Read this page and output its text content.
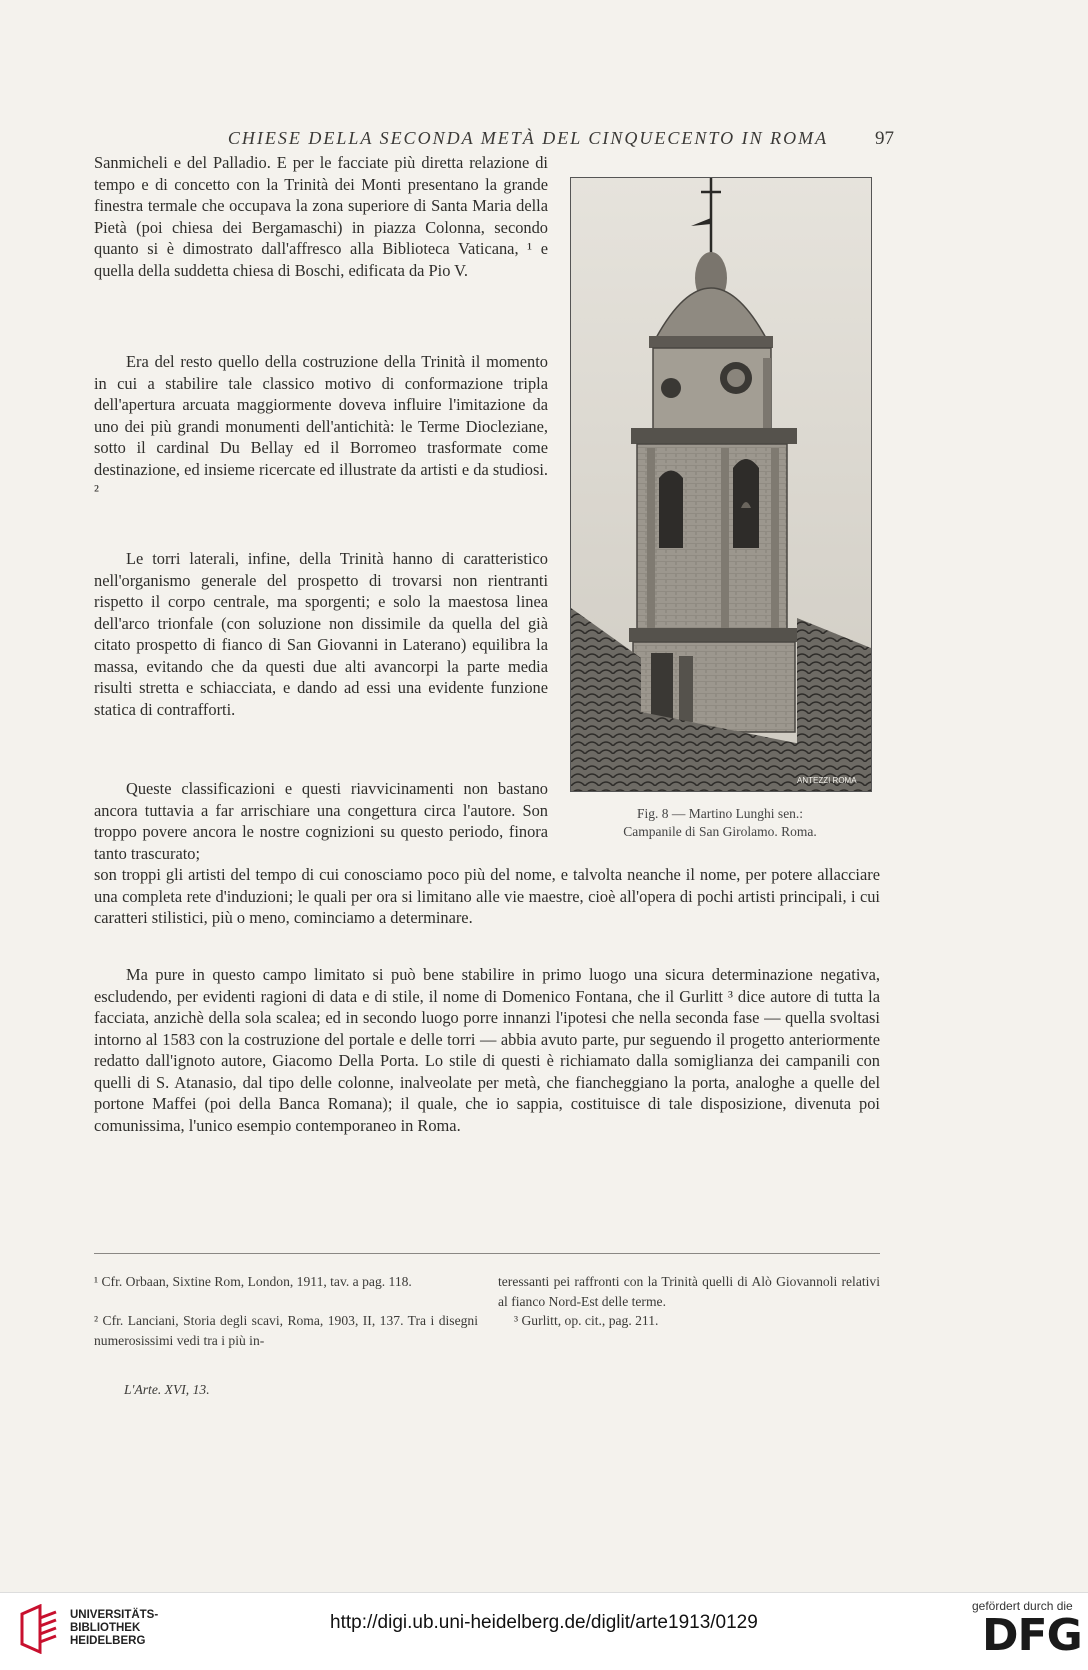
CHIESE DELLA SECONDA METÀ DEL CINQUECENTO IN ROMA	97

Sanmicheli e del Palladio. E per le facciate più diretta relazione di tempo e di concetto con la Trinità dei Monti presentano la grande finestra termale che occupava la zona superiore di Santa Maria della Pietà (poi chiesa dei Bergamaschi) in piazza Colonna, secondo quanto si è dimostrato dall'affresco alla Biblioteca Vaticana, ¹ e quella della suddetta chiesa di Boschi, edificata da Pio V.

Era del resto quello della costruzione della Trinità il momento in cui a stabilire tale classico motivo di conformazione tripla dell'apertura arcuata maggiormente doveva influire l'imitazione da uno dei più grandi monumenti dell'antichità: le Terme Diocleziane, sotto il cardinal Du Bellay ed il Borromeo trasformate come destinazione, ed insieme ricercate ed illustrate da artisti e da studiosi. ²

Le torri laterali, infine, della Trinità hanno di caratteristico nell'organismo generale del prospetto di trovarsi non rientranti rispetto il corpo centrale, ma sporgenti; e solo la maestosa linea dell'arco trionfale (con soluzione non dissimile da quella del già citato prospetto di fianco di San Giovanni in Laterano) equilibra la massa, evitando che da questi due alti avancorpi la parte media risulti stretta e schiacciata, e dando ad essi una evidente funzione statica di contrafforti.

Queste classificazioni e questi riavvicinamenti non bastano ancora tuttavia a far arrischiare una congettura circa l'autore. Son troppo povere ancora le nostre cognizioni su questo periodo, finora tanto trascurato;

son troppi gli artisti del tempo di cui conosciamo poco più del nome, e talvolta neanche il nome, per potere allacciare una completa rete d'induzioni; le quali per ora si limitano alle vie maestre, cioè all'opera di pochi artisti principali, i cui caratteri stilistici, più o meno, cominciamo a determinare.

Ma pure in questo campo limitato si può bene stabilire in primo luogo una sicura determinazione negativa, escludendo, per evidenti ragioni di data e di stile, il nome di Domenico Fontana, che il Gurlitt ³ dice autore di tutta la facciata, anzichè della sola scalea; ed in secondo luogo porre innanzi l'ipotesi che nella seconda fase — quella svoltasi intorno al 1583 con la costruzione del portale e delle torri — abbia avuto parte, pur seguendo il progetto anteriormente redatto dall'ignoto autore, Giacomo Della Porta. Lo stile di questi è richiamato dalla somiglianza dei campanili con quelli di S. Atanasio, dal tipo delle colonne, inalveolate per metà, che fiancheggiano la porta, analoghe a quelle del portone Maffei (poi della Banca Romana); il quale, che io sappia, costituisce di tale disposizione, divenuta poi comunissima, l'unico esempio contemporaneo in Roma.

ANTEZZI ROMA
Fig. 8 — Martino Lunghi sen.:
Campanile di San Girolamo. Roma.

¹ Cfr. Orbaan, Sixtine Rom, London, 1911, tav. a pag. 118.

² Cfr. Lanciani, Storia degli scavi, Roma, 1903, II, 137. Tra i disegni numerosissimi vedi tra i più in-

teressanti pei raffronti con la Trinità quelli di Alò Giovannoli relativi al fianco Nord-Est delle terme.

³ Gurlitt, op. cit., pag. 211.

L'Arte. XVI, 13.

UNIVERSITÄTS-
BIBLIOTHEK
HEIDELBERG
http://digi.ub.uni-heidelberg.de/diglit/arte1913/0129
gefördert durch die
DFG
